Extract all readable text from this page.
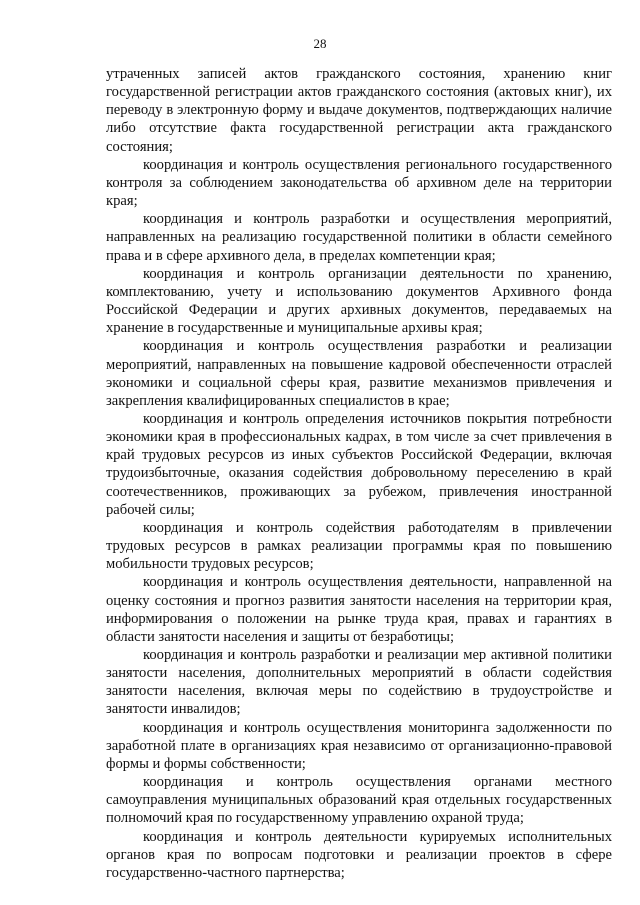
28

утраченных записей актов гражданского состояния, хранению книг государственной регистрации актов гражданского состояния (актовых книг), их переводу в электронную форму и выдаче документов, подтверждающих наличие либо отсутствие факта государственной регистрации акта гражданского состояния;

координация и контроль осуществления регионального государственного контроля за соблюдением законодательства об архивном деле на территории края;

координация и контроль разработки и осуществления мероприятий, направленных на реализацию государственной политики в области семейного права и в сфере архивного дела, в пределах компетенции края;

координация и контроль организации деятельности по хранению, комплектованию, учету и использованию документов Архивного фонда Российской Федерации и других архивных документов, передаваемых на хранение в государственные и муниципальные архивы края;

координация и контроль осуществления разработки и реализации мероприятий, направленных на повышение кадровой обеспеченности отраслей экономики и социальной сферы края, развитие механизмов привлечения и закрепления квалифицированных специалистов в крае;

координация и контроль определения источников покрытия потребности экономики края в профессиональных кадрах, в том числе за счет привлечения в край трудовых ресурсов из иных субъектов Российской Федерации, включая трудоизбыточные, оказания содействия добровольному переселению в край соотечественников, проживающих за рубежом, привлечения иностранной рабочей силы;

координация и контроль содействия работодателям в привлечении трудовых ресурсов в рамках реализации программы края по повышению мобильности трудовых ресурсов;

координация и контроль осуществления деятельности, направленной на оценку состояния и прогноз развития занятости населения на территории края, информирования о положении на рынке труда края, правах и гарантиях в области занятости населения и защиты от безработицы;

координация и контроль разработки и реализации мер активной политики занятости населения, дополнительных мероприятий в области содействия занятости населения, включая меры по содействию в трудоустройстве и занятости инвалидов;

координация и контроль осуществления мониторинга задолженности по заработной плате в организациях края независимо от организационно-правовой формы и формы собственности;

координация и контроль осуществления органами местного самоуправления муниципальных образований края отдельных государственных полномочий края по государственному управлению охраной труда;

координация и контроль деятельности курируемых исполнительных органов края по вопросам подготовки и реализации проектов в сфере государственно-частного партнерства;
